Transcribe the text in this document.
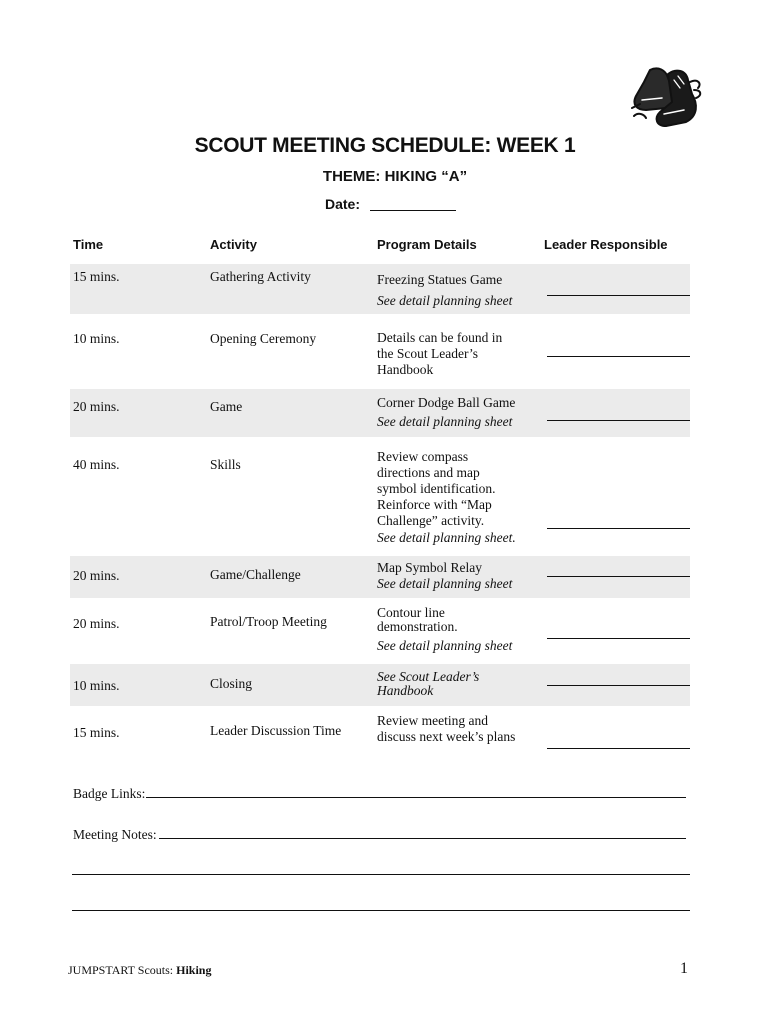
SCOUT MEETING SCHEDULE: WEEK 1
THEME: HIKING “A”
Date:
Time	Activity	Program Details	Leader Responsible
15 mins.	Gathering Activity	Freezing Statues Game
See detail planning sheet
10 mins.	Opening Ceremony	Details can be found in the Scout Leader’s Handbook
20 mins.	Game	Corner Dodge Ball Game
See detail planning sheet
40 mins.	Skills
Review compass directions and map symbol identification. Reinforce with “Map Challenge” activity.
See detail planning sheet.
20 mins.	Game/Challenge	Map Symbol Relay
See detail planning sheet
20 mins.	Patrol/Troop Meeting
Contour line demonstration.
See detail planning sheet
10 mins.	Closing	See Scout Leader’s Handbook
15 mins.	Leader Discussion Time
Review meeting and discuss next week’s plans
Badge Links:
Meeting Notes:
JUMPSTART Scouts: Hiking	1
